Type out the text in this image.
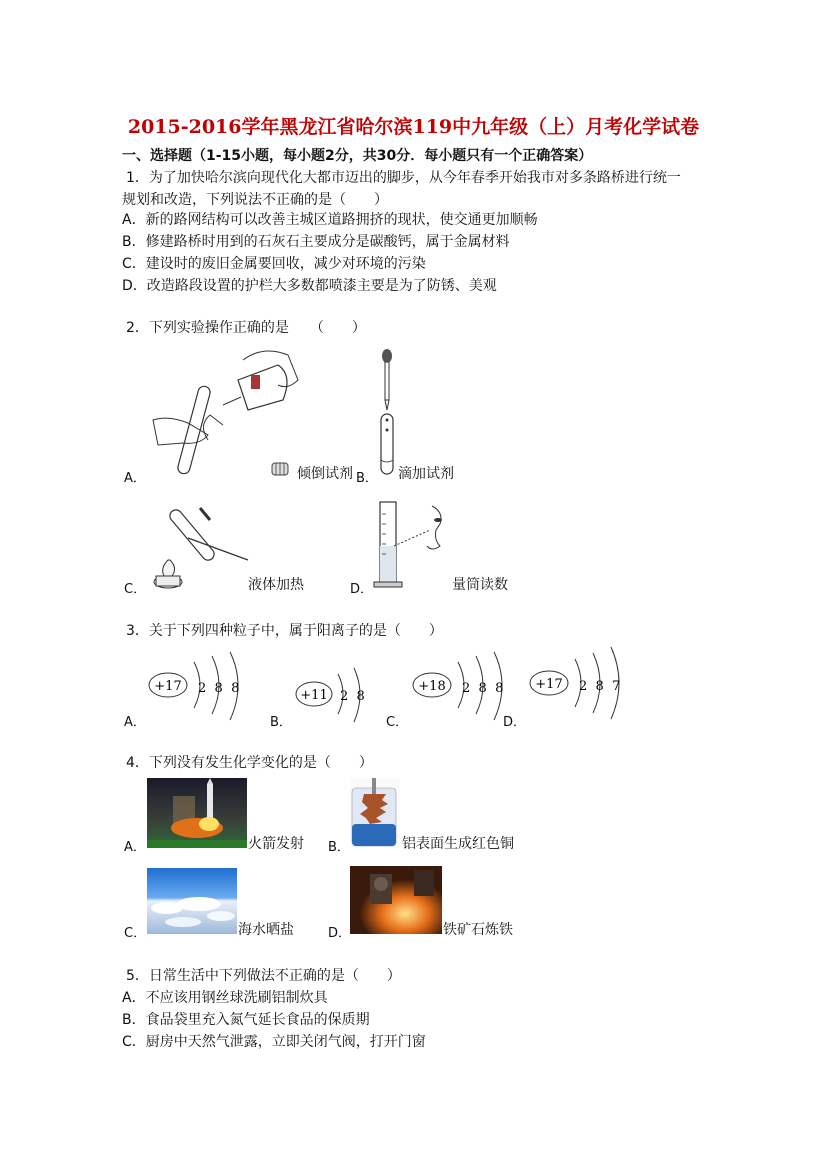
2015-2016学年黑龙江省哈尔滨119中九年级（上）月考化学试卷
一、选择题（1-15小题，每小题2分，共30分．每小题只有一个正确答案）
1．为了加快哈尔滨向现代化大都市迈出的脚步，从今年春季开始我市对多条路桥进行统一
规划和改造，下列说法不正确的是（　　）
A．新的路网结构可以改善主城区道路拥挤的现状，使交通更加顺畅
B．修建路桥时用到的石灰石主要成分是碳酸钙，属于金属材料
C．建设时的废旧金属要回收，减少对环境的污染
D．改造路段设置的护栏大多数都喷漆主要是为了防锈、美观
2．下列实验操作正确的是　　（　　）
A．	倾倒试剂 B． 滴加试剂
C．	液体加热	D．	量筒读数
3．关于下列四种粒子中，属于阳离子的是（　　）
+17 2  8  8
A．
+11 2  8
B．
+18 2  8  8
C．
+17 2  8  7
D．
4．下列没有发生化学变化的是（　　）
A．	火箭发射 B．	铝表面生成红色铜
C．	海水晒盐	D．	铁矿石炼铁
5．日常生活中下列做法不正确的是（　　）
A．不应该用钢丝球洗刷铝制炊具
B．食品袋里充入氮气延长食品的保质期
C．厨房中天然气泄露，立即关闭气阀，打开门窗
